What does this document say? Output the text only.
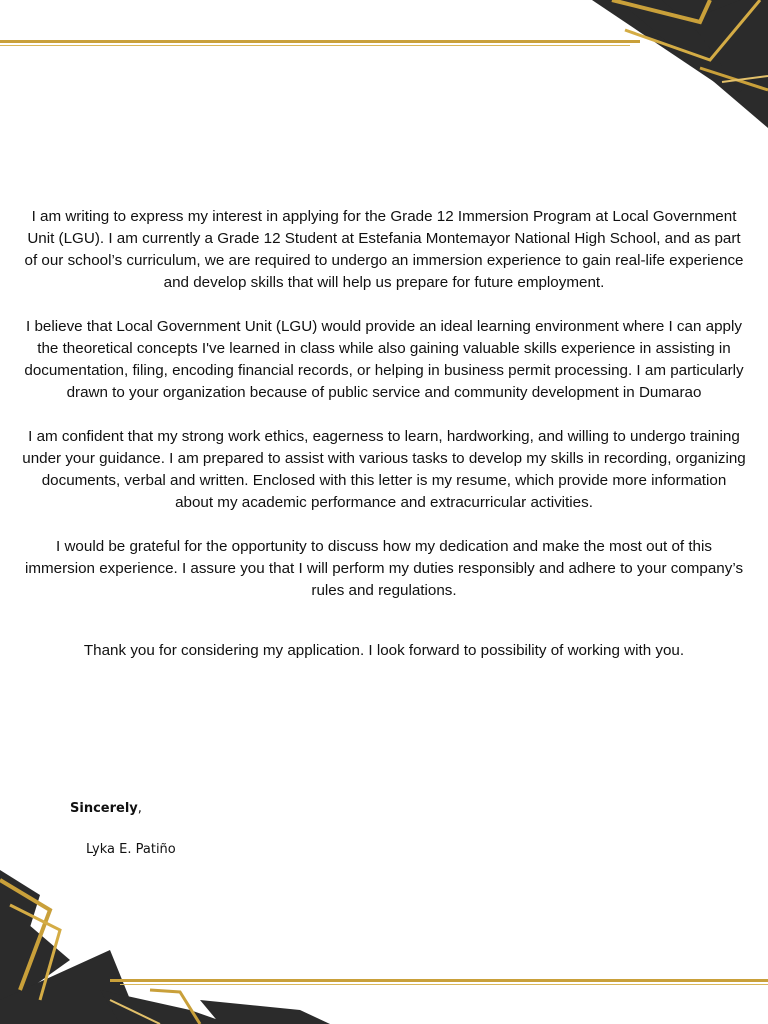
I am writing to express my interest in applying for the Grade 12 Immersion Program at Local Government Unit (LGU). I am currently a Grade 12 Student at Estefania Montemayor National High School, and as part of our school’s curriculum, we are required to undergo an immersion experience to gain real-life experience and develop skills that will help us prepare for future employment.

I believe that Local Government Unit (LGU) would provide an ideal learning environment where I can apply the theoretical concepts I've learned in class while also gaining valuable skills experience in assisting in documentation, filing, encoding financial records, or helping in business permit processing. I am particularly drawn to your organization because of public service and community development in Dumarao

I am confident that my strong work ethics, eagerness to learn, hardworking, and willing to undergo training under your guidance. I am prepared to assist with various tasks to develop my skills in recording, organizing documents, verbal and written. Enclosed with this letter is my resume, which provide more information about my academic performance and extracurricular activities.

I would be grateful for the opportunity to discuss how my dedication and make the most out of this immersion experience. I assure you that I will perform my duties responsibly and adhere to your company’s rules and regulations.

Thank you for considering my application. I look forward to possibility of working with you.

Sincerely,
Lyka E. Patiño
